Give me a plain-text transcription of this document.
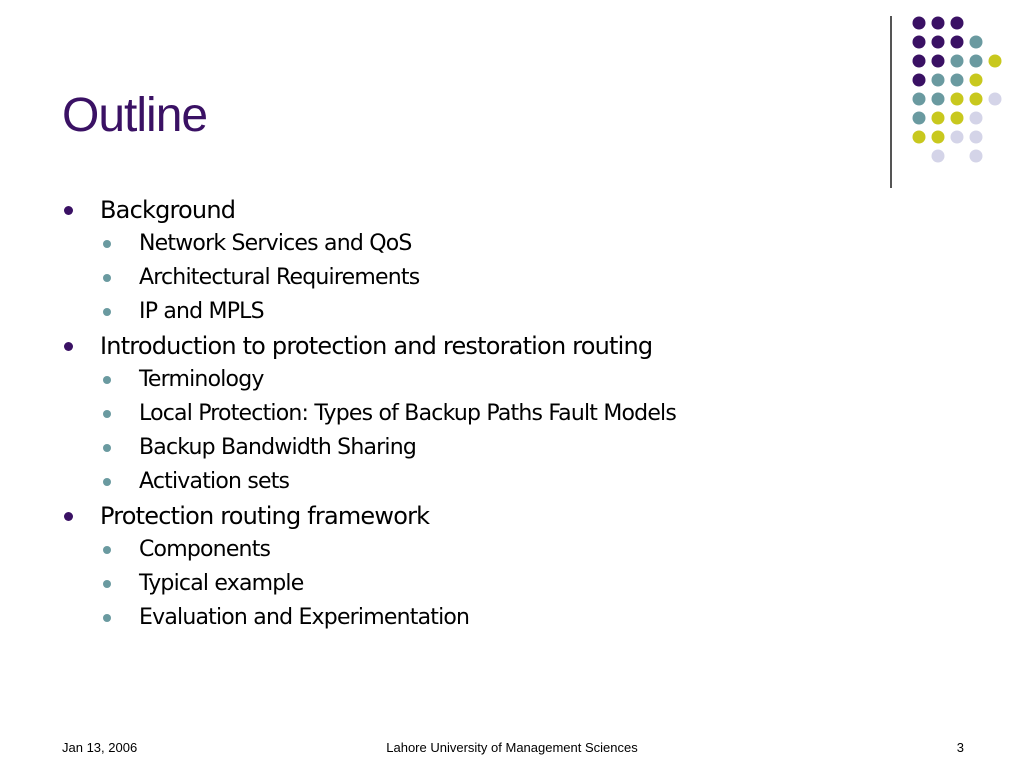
Outline
Background
Network Services and QoS
Architectural Requirements
IP and MPLS
Introduction to protection and restoration routing
Terminology
Local Protection: Types of Backup Paths Fault Models
Backup Bandwidth Sharing
Activation sets
Protection routing framework
Components
Typical example
Evaluation and Experimentation
Jan 13, 2006	Lahore University of Management Sciences	3
